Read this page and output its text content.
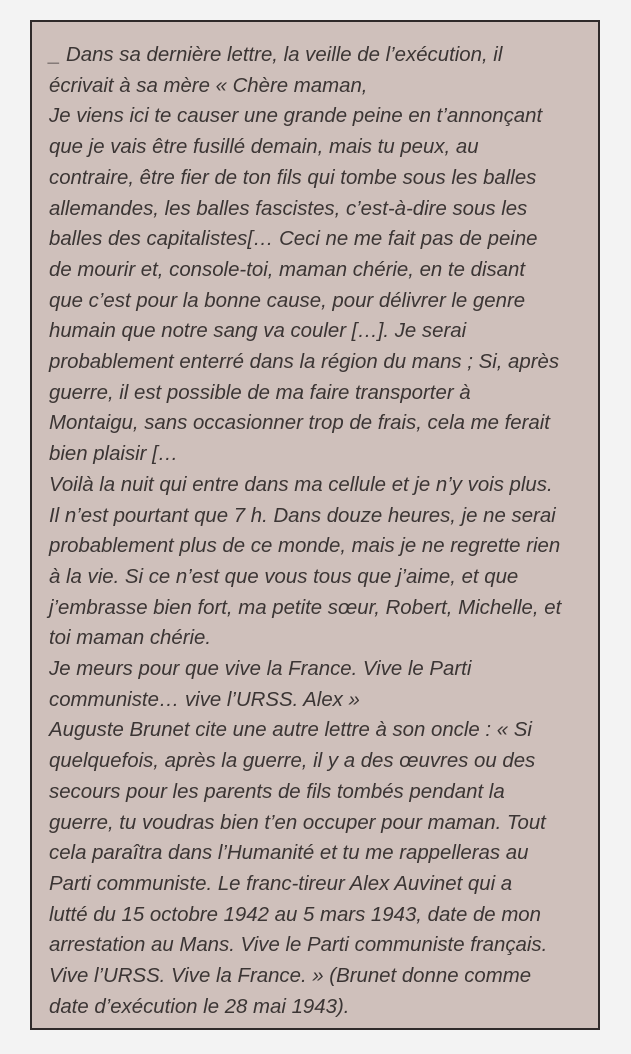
_ Dans sa dernière lettre, la veille de l’exécution, il
écrivait à sa mère « Chère maman,
Je viens ici te causer une grande peine en t’annonçant
que je vais être fusillé demain, mais tu peux, au
contraire, être fier de ton fils qui tombe sous les balles
allemandes, les balles fascistes, c’est-à-dire sous les
balles des capitalistes[… Ceci ne me fait pas de peine
de mourir et, console-toi, maman chérie, en te disant
que c’est pour la bonne cause, pour délivrer le genre
humain que notre sang va couler […]. Je serai
probablement enterré dans la région du mans ; Si, après
guerre, il est possible de ma faire transporter à
Montaigu, sans occasionner trop de frais, cela me ferait
bien plaisir […
Voilà la nuit qui entre dans ma cellule et je n’y vois plus.
Il n’est pourtant que 7 h. Dans douze heures, je ne serai
probablement plus de ce monde, mais je ne regrette rien
à la vie. Si ce n’est que vous tous que j’aime, et que
j’embrasse bien fort, ma petite sœur, Robert, Michelle, et
toi maman chérie.
Je meurs pour que vive la France. Vive le Parti
communiste… vive l’URSS. Alex »
Auguste Brunet cite une autre lettre à son oncle : « Si
quelquefois, après la guerre, il y a des œuvres ou des
secours pour les parents de fils tombés pendant la
guerre, tu voudras bien t’en occuper pour maman. Tout
cela paraîtra dans l’Humanité et tu me rappelleras au
Parti communiste. Le franc-tireur Alex Auvinet qui a
lutté du 15 octobre 1942 au 5 mars 1943, date de mon
arrestation au Mans. Vive le Parti communiste français.
Vive l’URSS. Vive la France. » (Brunet donne comme
date d’exécution le 28 mai 1943).
